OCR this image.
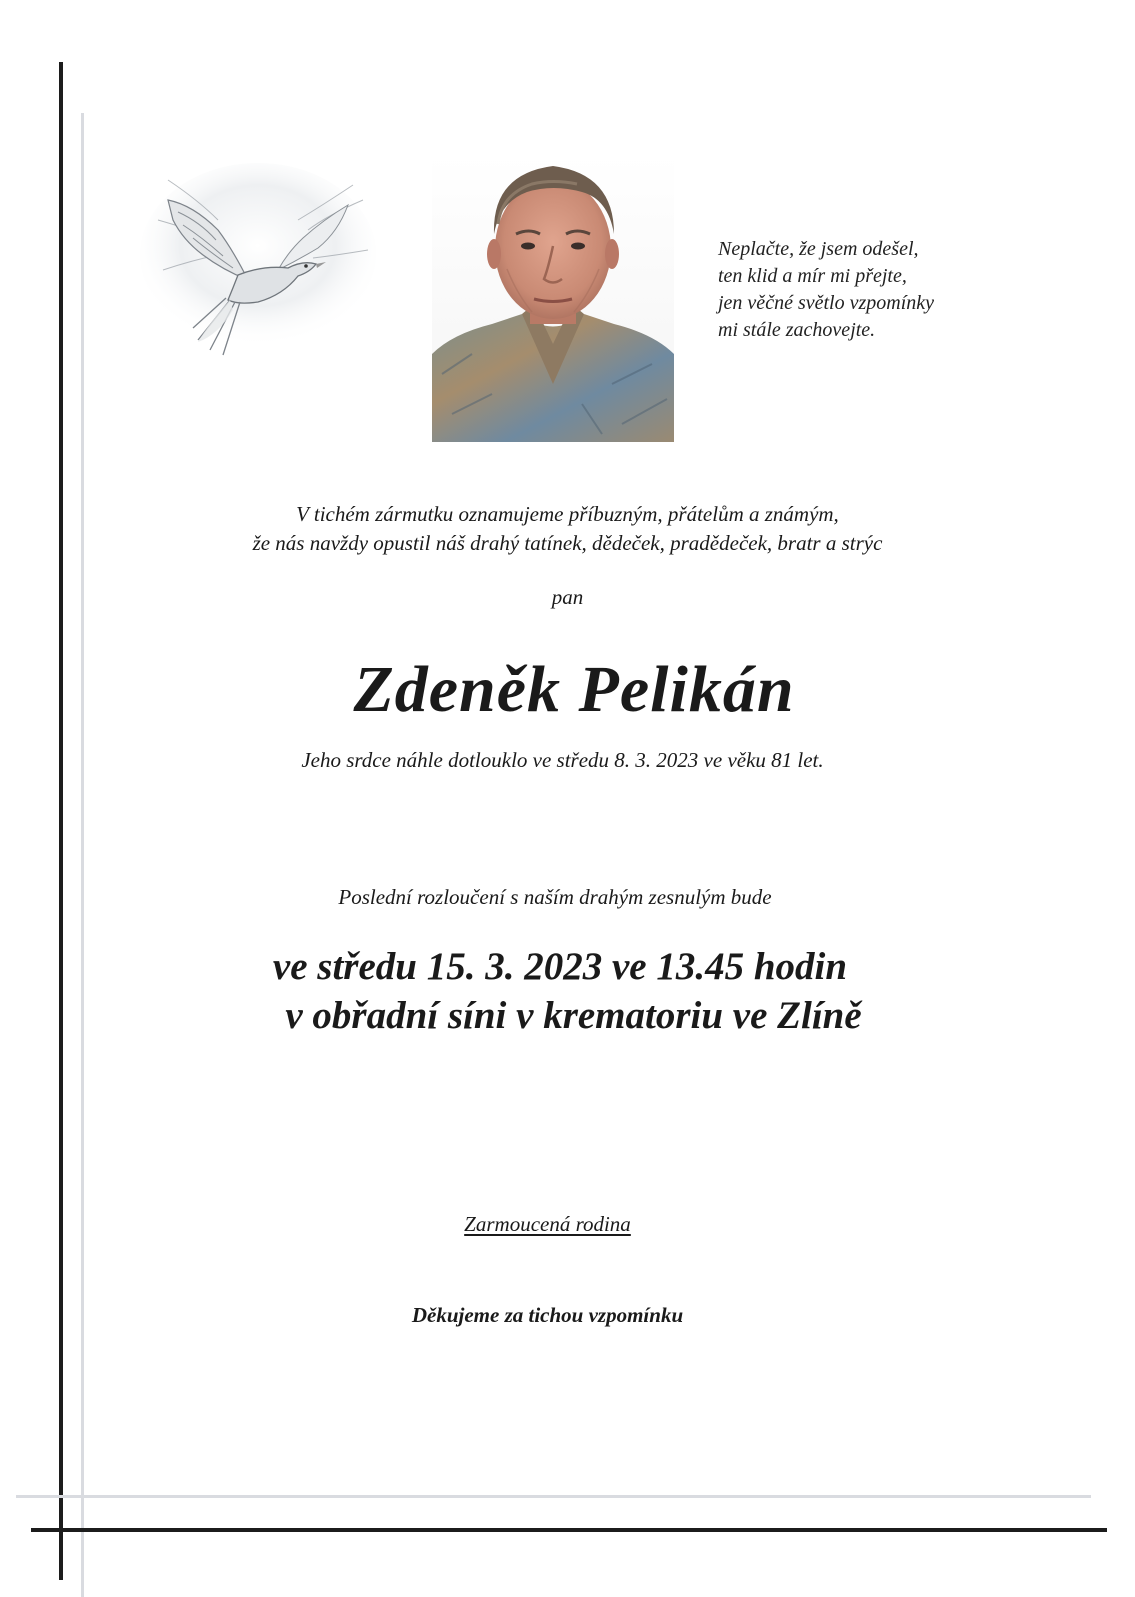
Neplačte, že jsem odešel,
ten klid a mír mi přejte,
jen věčné světlo vzpomínky
mi stále zachovejte.
V tichém zármutku oznamujeme příbuzným, přátelům a známým,
že nás navždy opustil náš drahý tatínek, dědeček, pradědeček, bratr a strýc
pan
Zdeněk Pelikán
Jeho srdce náhle dotlouklo ve středu 8. 3. 2023 ve věku 81 let.
Poslední rozloučení s naším drahým zesnulým bude
ve středu 15. 3. 2023 ve 13.45 hodin
v obřadní síni v krematoriu ve Zlíně
Zarmoucená rodina
Děkujeme za tichou vzpomínku
